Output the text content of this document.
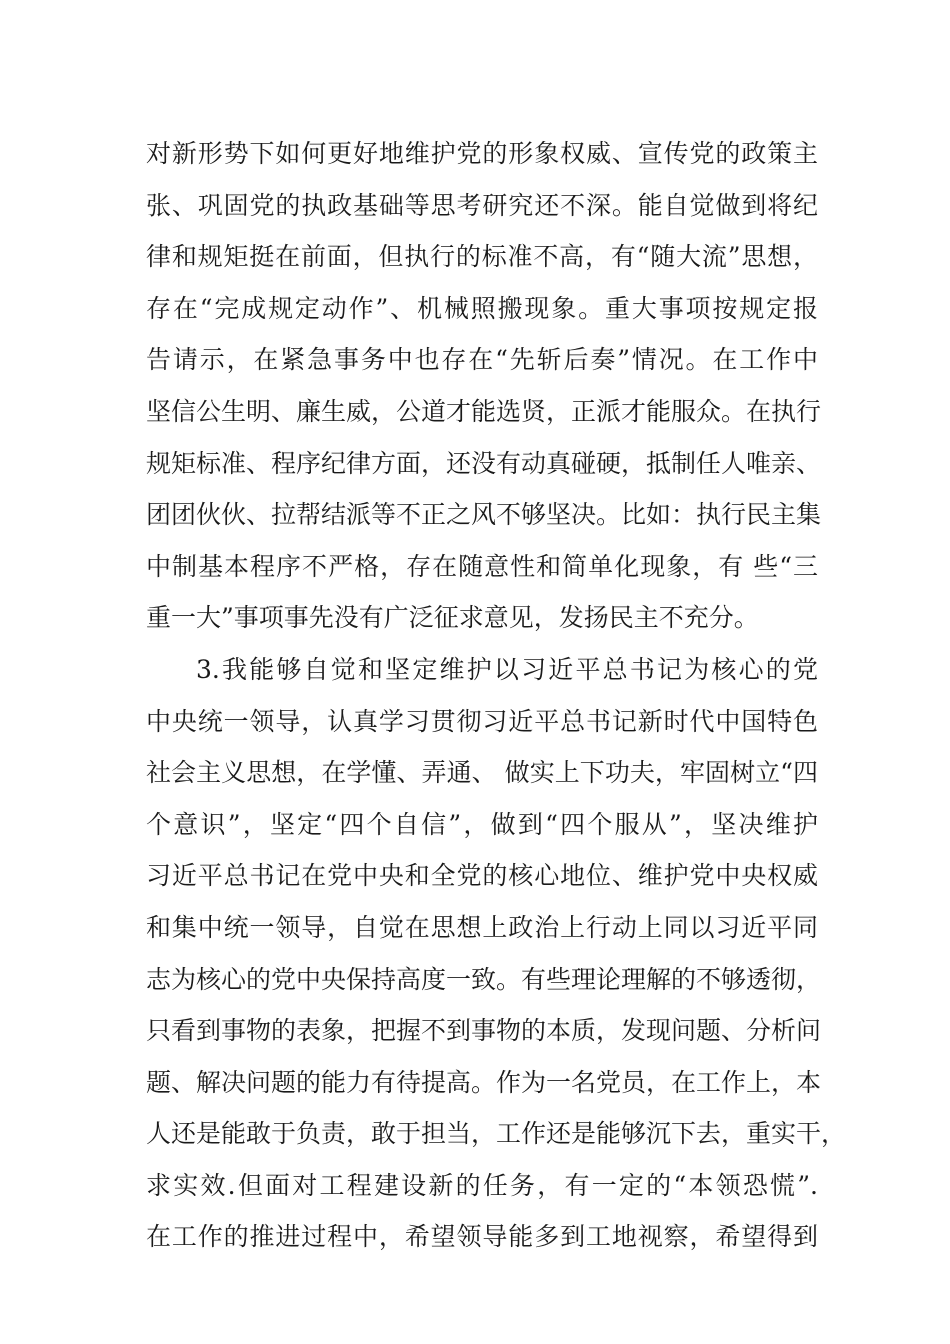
对新形势下如何更好地维护党的形象权威、宣传党的政策主
张、巩固党的执政基础等思考研究还不深。能自觉做到将纪
律和规矩挺在前面，但执行的标准不高，有“随大流”思想，
存在“完成规定动作”、机械照搬现象。重大事项按规定报
告请示，在紧急事务中也存在“先斩后奏”情况。在工作中
坚信公生明、廉生威，公道才能选贤，正派才能服众。在执行
规矩标准、程序纪律方面，还没有动真碰硬，抵制任人唯亲、
团团伙伙、拉帮结派等不正之风不够坚决。比如：执行民主集
中制基本程序不严格，存在随意性和简单化现象，有 些“三
重一大”事项事先没有广泛征求意见，发扬民主不充分。
3.我能够自觉和坚定维护以习近平总书记为核心的党
中央统一领导，认真学习贯彻习近平总书记新时代中国特色
社会主义思想，在学懂、弄通、 做实上下功夫，牢固树立“四
个意识”，坚定“四个自信”，做到“四个服从”，坚决维护
习近平总书记在党中央和全党的核心地位、维护党中央权威
和集中统一领导，自觉在思想上政治上行动上同以习近平同
志为核心的党中央保持高度一致。有些理论理解的不够透彻，
只看到事物的表象，把握不到事物的本质，发现问题、分析问
题、解决问题的能力有待提高。作为一名党员，在工作上，本
人还是能敢于负责，敢于担当，工作还是能够沉下去，重实干，
求实效.但面对工程建设新的任务，有一定的“本领恐慌”.
在工作的推进过程中，希望领导能多到工地视察，希望得到
